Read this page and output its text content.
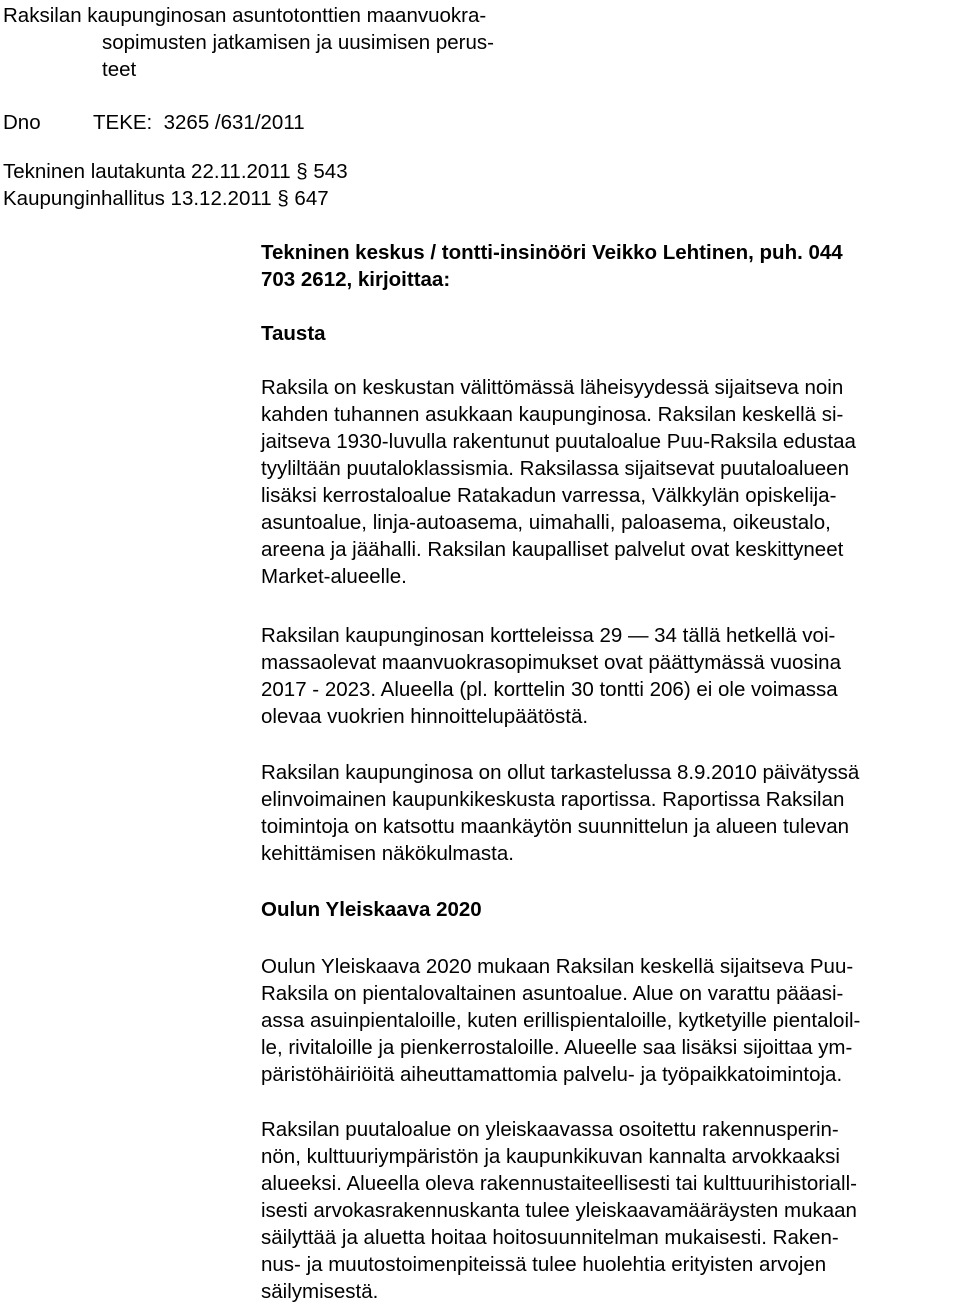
Raksilan kaupunginosan asuntotonttien maanvuokra-
sopimusten jatkamisen ja uusimisen perus-
teet
Dno	TEKE:  3265 /631/2011
Tekninen lautakunta 22.11.2011 § 543
Kaupunginhallitus 13.12.2011 § 647
Tekninen keskus / tontti-insinööri Veikko Lehtinen, puh. 044
703 2612, kirjoittaa:
Tausta
Raksila on keskustan välittömässä läheisyydessä sijaitseva noin
kahden tuhannen asukkaan kaupunginosa. Raksilan keskellä si-
jaitseva 1930-luvulla rakentunut puutaloalue Puu-Raksila edustaa
tyyliltään puutaloklassismia. Raksilassa sijaitsevat puutaloalueen
lisäksi kerrostaloalue Ratakadun varressa, Välkkylän opiskelija-
asuntoalue, linja-autoasema, uimahalli, paloasema, oikeustalo,
areena ja jäähalli. Raksilan kaupalliset palvelut ovat keskittyneet
Market-alueelle.
Raksilan kaupunginosan kortteleissa 29 — 34 tällä hetkellä voi-
massaolevat maanvuokrasopimukset ovat päättymässä vuosina
2017 - 2023. Alueella (pl. korttelin 30 tontti 206) ei ole voimassa
olevaa vuokrien hinnoittelupäätöstä.
Raksilan kaupunginosa on ollut tarkastelussa 8.9.2010 päivätyssä
elinvoimainen kaupunkikeskusta raportissa. Raportissa Raksilan
toimintoja on katsottu maankäytön suunnittelun ja alueen tulevan
kehittämisen näkökulmasta.
Oulun Yleiskaava 2020
Oulun Yleiskaava 2020 mukaan Raksilan keskellä sijaitseva Puu-
Raksila on pientalovaltainen asuntoalue. Alue on varattu pääasi-
assa asuinpientaloille, kuten erillispientaloille, kytketyille pientaloil-
le, rivitaloille ja pienkerrostaloille. Alueelle saa lisäksi sijoittaa ym-
päristöhäiriöitä aiheuttamattomia palvelu- ja työpaikkatoimintoja.
Raksilan puutaloalue on yleiskaavassa osoitettu rakennusperin-
nön, kulttuuriympäristön ja kaupunkikuvan kannalta arvokkaaksi
alueeksi. Alueella oleva rakennustaiteellisesti tai kulttuurihistoriall-
isesti arvokasrakennuskanta tulee yleiskaavamääräysten mukaan
säilyttää ja aluetta hoitaa hoitosuunnitelman mukaisesti. Raken-
nus- ja muutostoimenpiteissä tulee huolehtia erityisten arvojen
säilymisestä.
